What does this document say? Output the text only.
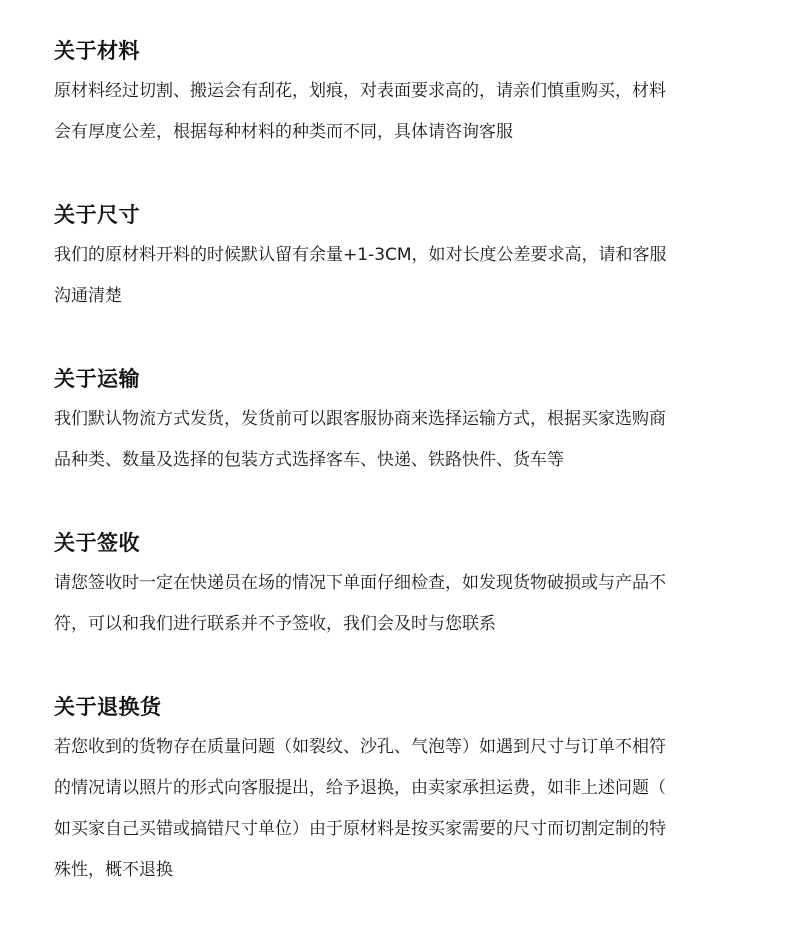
关于材料

原材料经过切割、搬运会有刮花，划痕，对表面要求高的，请亲们慎重购买，材料
会有厚度公差，根据每种材料的种类而不同，具体请咨询客服

关于尺寸

我们的原材料开料的时候默认留有余量+1-3CM，如对长度公差要求高，请和客服
沟通清楚

关于运输

我们默认物流方式发货，发货前可以跟客服协商来选择运输方式，根据买家选购商
品种类、数量及选择的包装方式选择客车、快递、铁路快件、货车等

关于签收

请您签收时一定在快递员在场的情况下单面仔细检查，如发现货物破损或与产品不
符，可以和我们进行联系并不予签收，我们会及时与您联系

关于退换货

若您收到的货物存在质量问题（如裂纹、沙孔、气泡等）如遇到尺寸与订单不相符
的情况请以照片的形式向客服提出，给予退换，由卖家承担运费，如非上述问题（
如买家自己买错或搞错尺寸单位）由于原材料是按买家需要的尺寸而切割定制的特
殊性，概不退换
